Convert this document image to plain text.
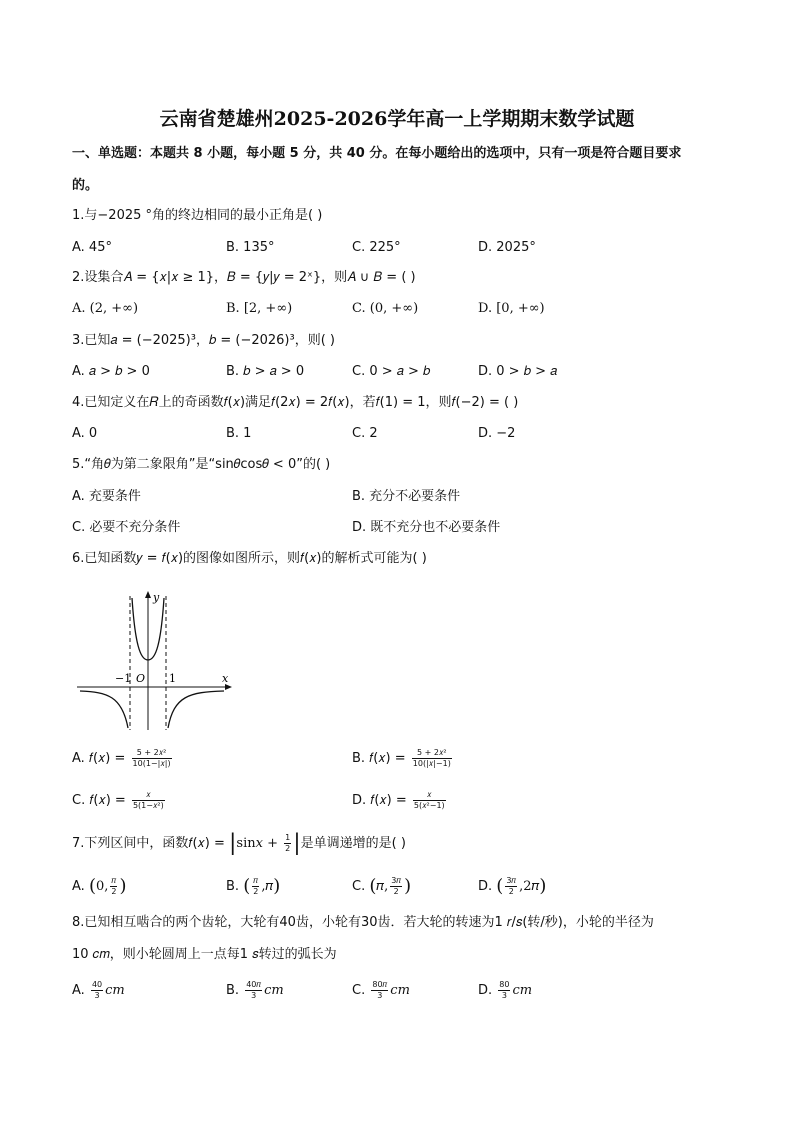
云南省楚雄州2025-2026学年高一上学期期末数学试题
一、单选题：本题共 8 小题，每小题 5 分，共 40 分。在每小题给出的选项中，只有一项是符合题目要求
的。
1.与−2025 °角的终边相同的最小正角是( )
A. 45°	B. 135°	C. 225°	D. 2025°
2.设集合𝐴 = {𝑥|𝑥 ≥ 1}，𝐵 = {𝑦|𝑦 = 2ˣ}，则𝐴 ∪ 𝐵 = ( )
A. (2, +∞)	B. [2, +∞)	C. (0, +∞)	D. [0, +∞)
3.已知𝑎 = (−2025)³，𝑏 = (−2026)³，则( )
A. 𝑎 > 𝑏 > 0	B. 𝑏 > 𝑎 > 0	C. 0 > 𝑎 > 𝑏	D. 0 > 𝑏 > 𝑎
4.已知定义在𝑅上的奇函数𝑓(𝑥)满足𝑓(2𝑥) = 2𝑓(𝑥)，若𝑓(1) = 1，则𝑓(−2) = ( )
A. 0	B. 1	C. 2	D. −2
5.“角𝜃为第二象限角”是“sin𝜃cos𝜃 < 0”的( )
A. 充要条件	B. 充分不必要条件
C. 必要不充分条件	D. 既不充分也不必要条件
6.已知函数𝑦 = 𝑓(𝑥)的图像如图所示，则𝑓(𝑥)的解析式可能为( )
y
x
O
−1	1
A. 𝑓(𝑥) = $\frac{\text{5 + 2𝑥²}}{\text{10(1−|𝑥|)}}$	B. 𝑓(𝑥) = $\frac{\text{5 + 2𝑥²}}{\text{10(|𝑥|−1)}}$
C. 𝑓(𝑥) = $\frac{\text{𝑥}}{\text{5(1−𝑥²)}}$	D. 𝑓(𝑥) = $\frac{\text{𝑥}}{\text{5(𝑥²−1)}}$
7.下列区间中，函数𝑓(𝑥) = |sin𝑥 + $\frac{1}{2}$ |是单调递增的是( )
A. (0, $\frac{\text{𝜋}}{2}$ )	B. ( $\frac{\text{𝜋}}{2}$ ,𝜋)	C. (𝜋, $\frac{\text{3𝜋}}{2}$ )	D. ( $\frac{\text{3𝜋}}{2}$ ,2𝜋)
8.已知相互啮合的两个齿轮，大轮有40齿，小轮有30齿．若大轮的转速为1 𝑟/𝑠(转/秒)，小轮的半径为
10 𝑐𝑚，则小轮圆周上一点每1 𝑠转过的弧长为
A. $\frac{40}{3}$ 𝑐𝑚	B. $\frac{\text{40𝜋}}{3}$ 𝑐𝑚	C. $\frac{\text{80𝜋}}{3}$ 𝑐𝑚	D. $\frac{80}{3}$ 𝑐𝑚
